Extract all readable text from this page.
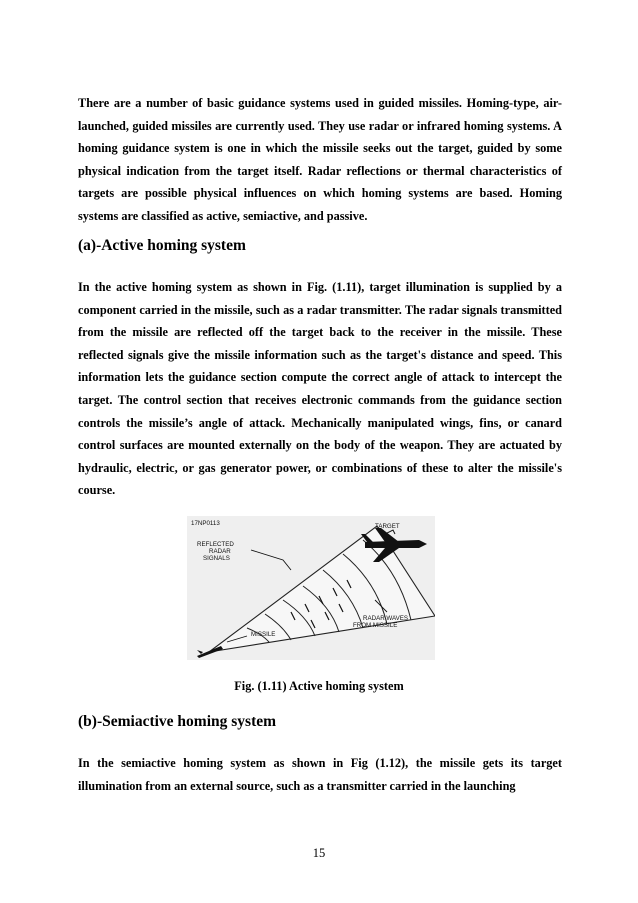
There are a number of basic guidance systems used in guided missiles. Homing-type, air-launched, guided missiles are currently used. They use radar or infrared homing systems. A homing guidance system is one in which the missile seeks out the target, guided by some physical indication from the target itself. Radar reflections or thermal characteristics of targets are possible physical influences on which homing systems are based. Homing systems are classified as active, semiactive, and passive.

(a)-Active homing system

In the active homing system as shown in Fig. (1.11), target illumination is supplied by a component carried in the missile, such as a radar transmitter. The radar signals transmitted from the missile are reflected off the target back to the receiver in the missile. These reflected signals give the missile information such as the target's distance and speed. This information lets the guidance section compute the correct angle of attack to intercept the target. The control section that receives electronic commands from the guidance section controls the missile’s angle of attack. Mechanically manipulated wings, fins, or canard control surfaces are mounted externally on the body of the weapon. They are actuated by hydraulic, electric, or gas generator power, or combinations of these to alter the missile's course.

17NP0113	TARGET
REFLECTED
RADAR
SIGNALS
RADAR WAVES
FROM MISSILE
MISSILE
Fig. (1.11) Active homing system
(b)-Semiactive homing system

In the semiactive homing system as shown in Fig (1.12), the missile gets its target illumination from an external source, such as a transmitter carried in the launching

15
